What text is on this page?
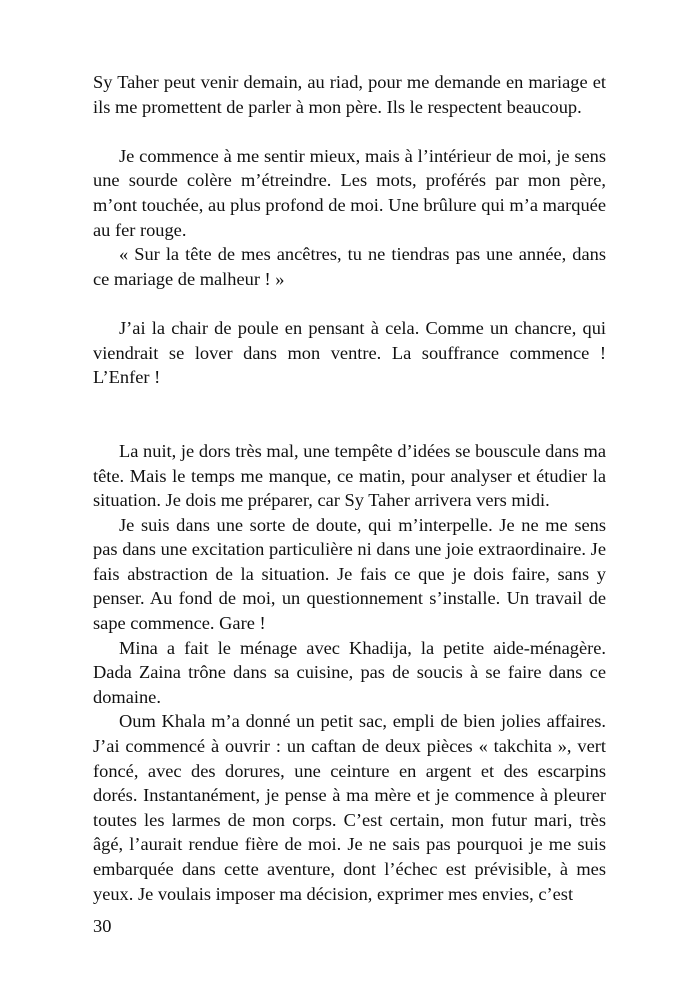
Sy Taher peut venir demain, au riad, pour me demande en mariage et ils me promettent de parler à mon père. Ils le respectent beaucoup.

Je commence à me sentir mieux, mais à l’intérieur de moi, je sens une sourde colère m’étreindre. Les mots, proférés par mon père, m’ont touchée, au plus profond de moi. Une brûlure qui m’a marquée au fer rouge.

« Sur la tête de mes ancêtres, tu ne tiendras pas une année, dans ce mariage de malheur ! »

J’ai la chair de poule en pensant à cela. Comme un chancre, qui viendrait se lover dans mon ventre. La souffrance commence ! L’Enfer !

La nuit, je dors très mal, une tempête d’idées se bouscule dans ma tête. Mais le temps me manque, ce matin, pour analyser et étudier la situation. Je dois me préparer, car Sy Taher arrivera vers midi.

Je suis dans une sorte de doute, qui m’interpelle. Je ne me sens pas dans une excitation particulière ni dans une joie extraordinaire. Je fais abstraction de la situation. Je fais ce que je dois faire, sans y penser. Au fond de moi, un questionnement s’installe. Un travail de sape commence. Gare !

Mina a fait le ménage avec Khadija, la petite aide-ménagère. Dada Zaina trône dans sa cuisine, pas de soucis à se faire dans ce domaine.

Oum Khala m’a donné un petit sac, empli de bien jolies affaires. J’ai commencé à ouvrir : un caftan de deux pièces « takchita », vert foncé, avec des dorures, une ceinture en argent et des escarpins dorés. Instantanément, je pense à ma mère et je commence à pleurer toutes les larmes de mon corps. C’est certain, mon futur mari, très âgé, l’aurait rendue fière de moi. Je ne sais pas pourquoi je me suis embarquée dans cette aventure, dont l’échec est prévisible, à mes yeux. Je voulais imposer ma décision, exprimer mes envies, c’est

30
